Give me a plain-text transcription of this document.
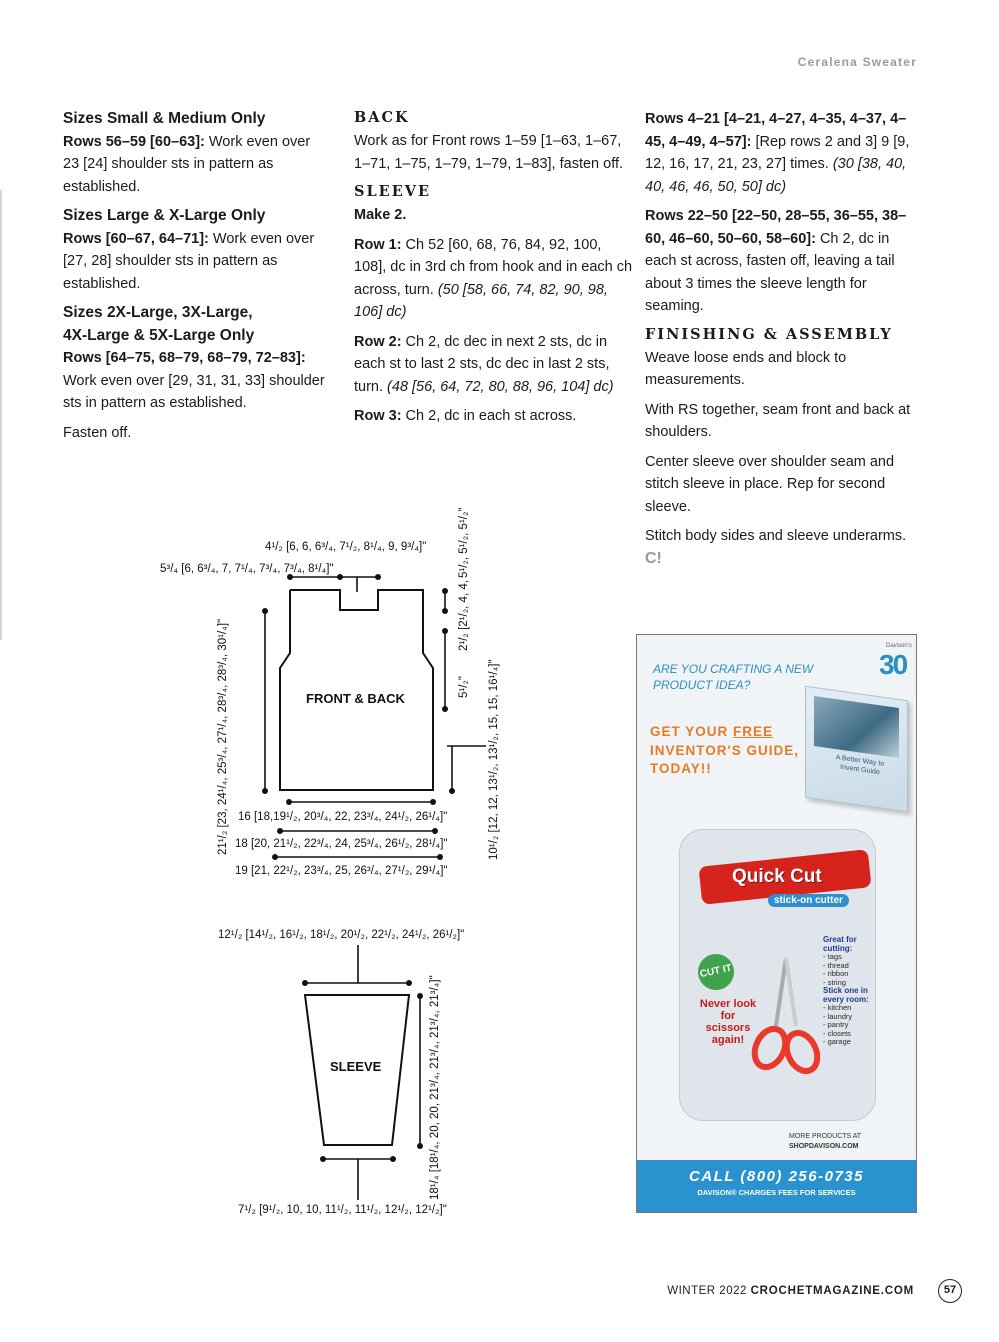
Ceralena Sweater
Sizes Small & Medium Only

Rows 56–59 [60–63]: Work even over 23 [24] shoulder sts in pattern as established.

Sizes Large & X-Large Only

Rows [60–67, 64–71]: Work even over [27, 28] shoulder sts in pattern as established.

Sizes 2X-Large, 3X-Large,
4X-Large & 5X-Large Only

Rows [64–75, 68–79, 68–79, 72–83]: Work even over [29, 31, 31, 33] shoulder sts in pattern as established.

Fasten off.

BACK

Work as for Front rows 1–59 [1–63, 1–67, 1–71, 1–75, 1–79, 1–79, 1–83], fasten off.

SLEEVE

Make 2.

Row 1: Ch 52 [60, 68, 76, 84, 92, 100, 108], dc in 3rd ch from hook and in each ch across, turn. (50 [58, 66, 74, 82, 90, 98, 106] dc)

Row 2: Ch 2, dc dec in next 2 sts, dc in each st to last 2 sts, dc dec in last 2 sts, turn. (48 [56, 64, 72, 80, 88, 96, 104] dc)

Row 3: Ch 2, dc in each st across.

Rows 4–21 [4–21, 4–27, 4–35, 4–37, 4–45, 4–49, 4–57]: [Rep rows 2 and 3] 9 [9, 12, 16, 17, 21, 23, 27] times. (30 [38, 40, 40, 46, 46, 50, 50] dc)

Rows 22–50 [22–50, 28–55, 36–55, 38–60, 46–60, 50–60, 58–60]: Ch 2, dc in each st across, fasten off, leaving a tail about 3 times the sleeve length for seaming.

FINISHING & ASSEMBLY

Weave loose ends and block to measurements.

With RS together, seam front and back at shoulders.

Center sleeve over shoulder seam and stitch sleeve in place. Rep for second sleeve.

Stitch body sides and sleeve underarms. C!

FRONT & BACK
4¹/₂ [6, 6, 6³/₄, 7¹/₂, 8¹/₄, 9, 9³/₄]"
5³/₄ [6, 6³/₄, 7, 7¹/₄, 7³/₄, 7³/₄, 8¹/₄]"
21¹/₂ [23, 24¹/₄, 25³/₄, 27¹/₄, 28³/₄, 28³/₄, 30¹/₄]"
5¹/₂, 5¹/₂, 5¹/₂"
2¹/₂ [2¹/₂, 4, 4,
5¹/₂" 10¹/₂ [12, 12, 13¹/₂, 13¹/₂, 15, 15, 16¹/₄]"
16 [18,19¹/₂, 20³/₄, 22, 23³/₄, 24¹/₂, 26¹/₄]"
18 [20, 21¹/₂, 22³/₄, 24, 25³/₄, 26¹/₂, 28¹/₄]"
19 [21, 22¹/₂, 23³/₄, 25, 26³/₄, 27¹/₂, 29¹/₄]"
SLEEVE
12¹/₂ [14¹/₂, 16¹/₂, 18¹/₂, 20¹/₂, 22¹/₂, 24¹/₂, 26¹/₂]"
18¹/₄ [18¹/₄, 20, 20, 21³/₄, 21³/₄, 21³/₄, 21³/₄]"
7¹/₂ [9¹/₂, 10, 10, 11¹/₂, 11¹/₂, 12¹/₂, 12¹/₂]"
ARE YOU CRAFTING A NEW
PRODUCT IDEA?
Davison's
30
GET YOUR FREE
INVENTOR'S GUIDE,
TODAY!!
A Better Way to Invent Guide
Quick Cut
stick-on cutter
CUT IT
Great for cutting:
- tags
- thread
- ribbon
- string
Stick one in every room:
- kitchen
- laundry
- pantry
- closets
- garage
Never look for scissors again!
MORE PRODUCTS AT
SHOPDAVISON.COM
CALL (800) 256-0735
DAVISON® CHARGES FEES FOR SERVICES
WINTER 2022 CROCHETMAGAZINE.COM	57
